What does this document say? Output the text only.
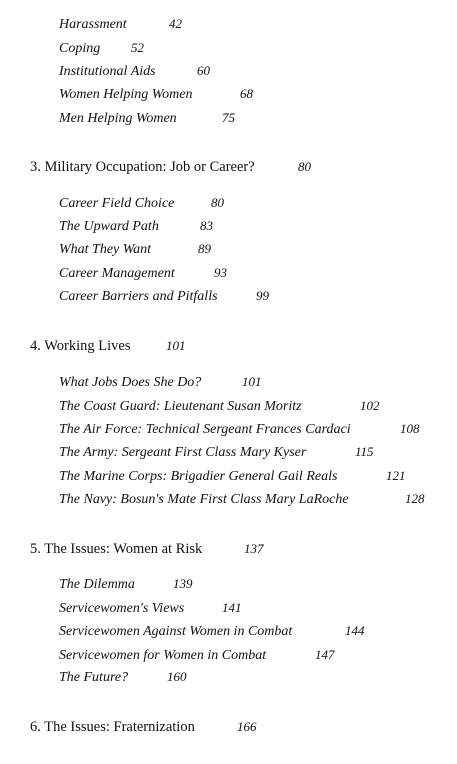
Harassment	42
Coping 52
Institutional Aids	60
Women Helping Women	68
Men Helping Women	75
3. Military Occupation: Job or Career?	80
Career Field Choice	80
The Upward Path	83
What They Want	89
Career Management	93
Career Barriers and Pitfalls	99
4. Working Lives	101
What Jobs Does She Do?	101
The Coast Guard: Lieutenant Susan Moritz	102
The Air Force: Technical Sergeant Frances Cardaci	108
The Army: Sergeant First Class Mary Kyser	115
The Marine Corps: Brigadier General Gail Reals	121
The Navy: Bosun's Mate First Class Mary LaRoche	128
5. The Issues: Women at Risk	137
The Dilemma	139
Servicewomen's Views	141
Servicewomen Against Women in Combat	144
Servicewomen for Women in Combat	147
The Future?	160
6. The Issues: Fraternization	166
